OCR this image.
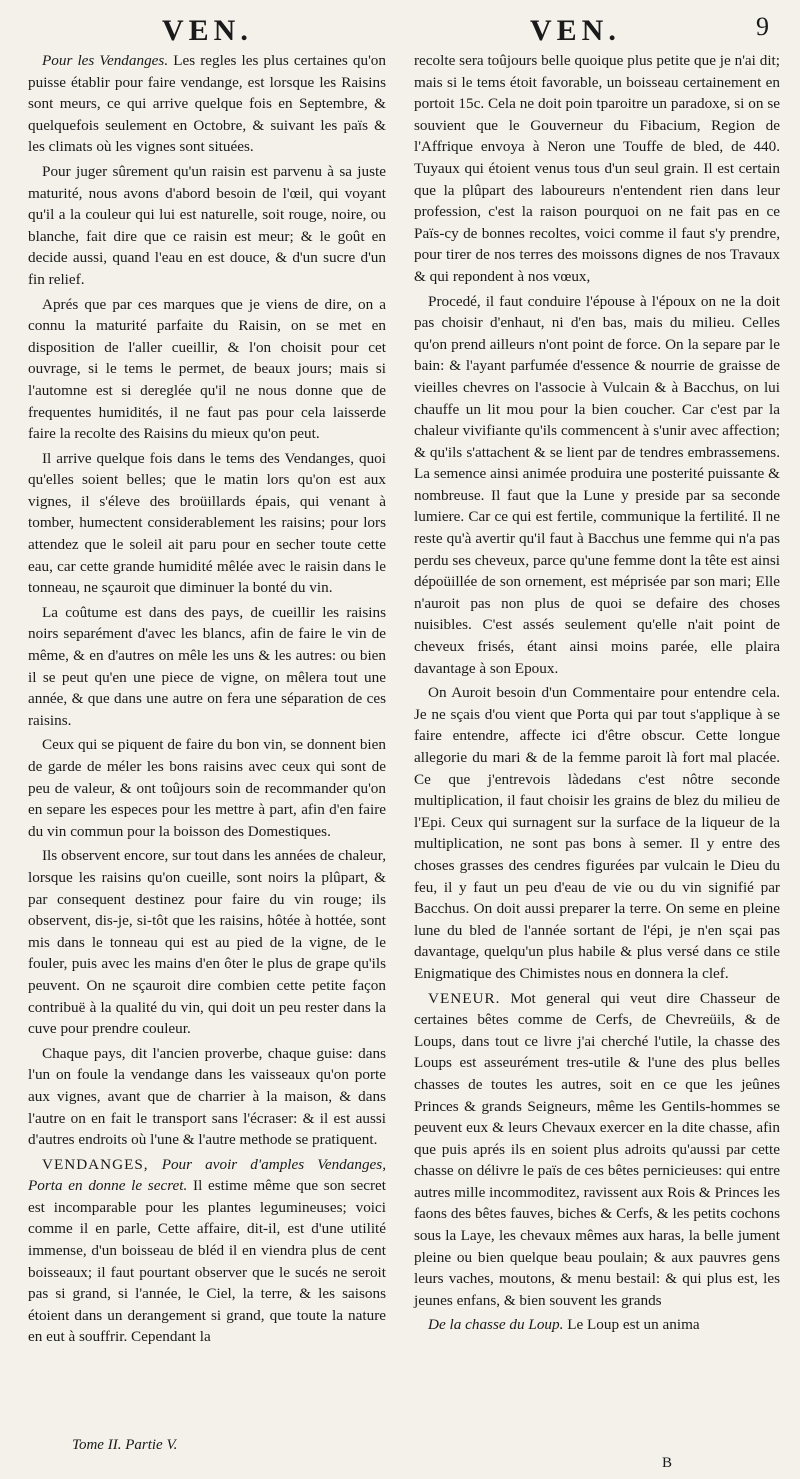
VEN.	VEN.	9

Pour les Vendanges. Les regles les plus certaines qu'on puisse établir pour faire vendange, est lorsque les Raisins sont meurs, ce qui arrive quelque fois en Septembre, & quelquefois seulement en Octobre, & suivant les païs & les climats où les vignes sont situées.

Pour juger sûrement qu'un raisin est parvenu à sa juste maturité, nous avons d'abord besoin de l'œil, qui voyant qu'il a la couleur qui lui est naturelle, soit rouge, noire, ou blanche, fait dire que ce raisin est meur; & le goût en decide aussi, quand l'eau en est douce, & d'un sucre d'un fin relief.

Aprés que par ces marques que je viens de dire, on a connu la maturité parfaite du Raisin, on se met en disposition de l'aller cueillir, & l'on choisit pour cet ouvrage, si le tems le permet, de beaux jours; mais si l'automne est si dereglée qu'il ne nous donne que de frequentes humidités, il ne faut pas pour cela laisserde faire la recolte des Raisins du mieux qu'on peut.

Il arrive quelque fois dans le tems des Vendanges, quoi qu'elles soient belles; que le matin lors qu'on est aux vignes, il s'éleve des broüillards épais, qui venant à tomber, humectent considerablement les raisins; pour lors attendez que le soleil ait paru pour en secher toute cette eau, car cette grande humidité mêlée avec le raisin dans le tonneau, ne sçauroit que diminuer la bonté du vin.

La coûtume est dans des pays, de cueillir les raisins noirs separément d'avec les blancs, afin de faire le vin de même, & en d'autres on mêle les uns & les autres: ou bien il se peut qu'en une piece de vigne, on mêlera tout une année, & que dans une autre on fera une séparation de ces raisins.

Ceux qui se piquent de faire du bon vin, se donnent bien de garde de méler les bons raisins avec ceux qui sont de peu de valeur, & ont toûjours soin de recommander qu'on en separe les especes pour les mettre à part, afin d'en faire du vin commun pour la boisson des Domestiques.

Ils observent encore, sur tout dans les années de chaleur, lorsque les raisins qu'on cueille, sont noirs la plûpart, & par consequent destinez pour faire du vin rouge; ils observent, dis-je, si-tôt que les raisins, hôtée à hottée, sont mis dans le tonneau qui est au pied de la vigne, de le fouler, puis avec les mains d'en ôter le plus de grape qu'ils peuvent. On ne sçauroit dire combien cette petite façon contribuë à la qualité du vin, qui doit un peu rester dans la cuve pour prendre couleur.

Chaque pays, dit l'ancien proverbe, chaque guise: dans l'un on foule la vendange dans les vaisseaux qu'on porte aux vignes, avant que de charrier à la maison, & dans l'autre on en fait le transport sans l'écraser: & il est aussi d'autres endroits où l'une & l'autre methode se pratiquent.

VENDANGES, Pour avoir d'amples Vendanges, Porta en donne le secret. Il estime même que son secret est incomparable pour les plantes legumineuses; voici comme il en parle, Cette affaire, dit-il, est d'une utilité immense, d'un boisseau de bléd il en viendra plus de cent boisseaux; il faut pourtant observer que le sucés ne seroit pas si grand, si l'année, le Ciel, la terre, & les saisons étoient dans un derangement si grand, que toute la nature en eut à souffrir. Cependant la

recolte sera toûjours belle quoique plus petite que je n'ai dit; mais si le tems étoit favorable, un boisseau certainement en portoit 15c. Cela ne doit poin tparoitre un paradoxe, si on se souvient que le Gouverneur du Fibacium, Region de l'Affrique envoya à Neron une Touffe de bled, de 440. Tuyaux qui étoient venus tous d'un seul grain. Il est certain que la plûpart des laboureurs n'entendent rien dans leur profession, c'est la raison pourquoi on ne fait pas en ce Païs-cy de bonnes recoltes, voici comme il faut s'y prendre, pour tirer de nos terres des moissons dignes de nos Travaux & qui repondent à nos vœux,

Procedé, il faut conduire l'épouse à l'époux on ne la doit pas choisir d'enhaut, ni d'en bas, mais du milieu. Celles qu'on prend ailleurs n'ont point de force. On la separe par le bain: & l'ayant parfumée d'essence & nourrie de graisse de vieilles chevres on l'associe à Vulcain & à Bacchus, on lui chauffe un lit mou pour la bien coucher. Car c'est par la chaleur vivifiante qu'ils commencent à s'unir avec affection; & qu'ils s'attachent & se lient par de tendres embrassemens. La semence ainsi animée produira une posterité puissante & nombreuse. Il faut que la Lune y preside par sa seconde lumiere. Car ce qui est fertile, communique la fertilité. Il ne reste qu'à avertir qu'il faut à Bacchus une femme qui n'a pas perdu ses cheveux, parce qu'une femme dont la tête est ainsi dépoüillée de son ornement, est méprisée par son mari; Elle n'auroit pas non plus de quoi se defaire des choses nuisibles. C'est assés seulement qu'elle n'ait point de cheveux frisés, étant ainsi moins parée, elle plaira davantage à son Epoux.

On Auroit besoin d'un Commentaire pour entendre cela. Je ne sçais d'ou vient que Porta qui par tout s'applique à se faire entendre, affecte ici d'être obscur. Cette longue allegorie du mari & de la femme paroit là fort mal placée. Ce que j'entrevois làdedans c'est nôtre seconde multiplication, il faut choisir les grains de blez du milieu de l'Epi. Ceux qui surnagent sur la surface de la liqueur de la multiplication, ne sont pas bons à semer. Il y entre des choses grasses des cendres figurées par vulcain le Dieu du feu, il y faut un peu d'eau de vie ou du vin signifié par Bacchus. On doit aussi preparer la terre. On seme en pleine lune du bled de l'année sortant de l'épi, je n'en sçai pas davantage, quelqu'un plus habile & plus versé dans ce stile Enigmatique des Chimistes nous en donnera la clef.

VENEUR. Mot general qui veut dire Chasseur de certaines bêtes comme de Cerfs, de Chevreüils, & de Loups, dans tout ce livre j'ai cherché l'utile, la chasse des Loups est asseurément tres-utile & l'une des plus belles chasses de toutes les autres, soit en ce que les jeûnes Princes & grands Seigneurs, même les Gentils-hommes se peuvent eux & leurs Chevaux exercer en la dite chasse, afin que puis aprés ils en soient plus adroits qu'aussi par cette chasse on délivre le païs de ces bêtes pernicieuses: qui entre autres mille incommoditez, ravissent aux Rois & Princes les faons des bêtes fauves, biches & Cerfs, & les petits cochons sous la Laye, les chevaux mêmes aux haras, la belle jument pleine ou bien quelque beau poulain; & aux pauvres gens leurs vaches, moutons, & menu bestail: & qui plus est, les jeunes enfans, & bien souvent les grands

De la chasse du Loup. Le Loup est un anima

Tome II. Partie V.
B
